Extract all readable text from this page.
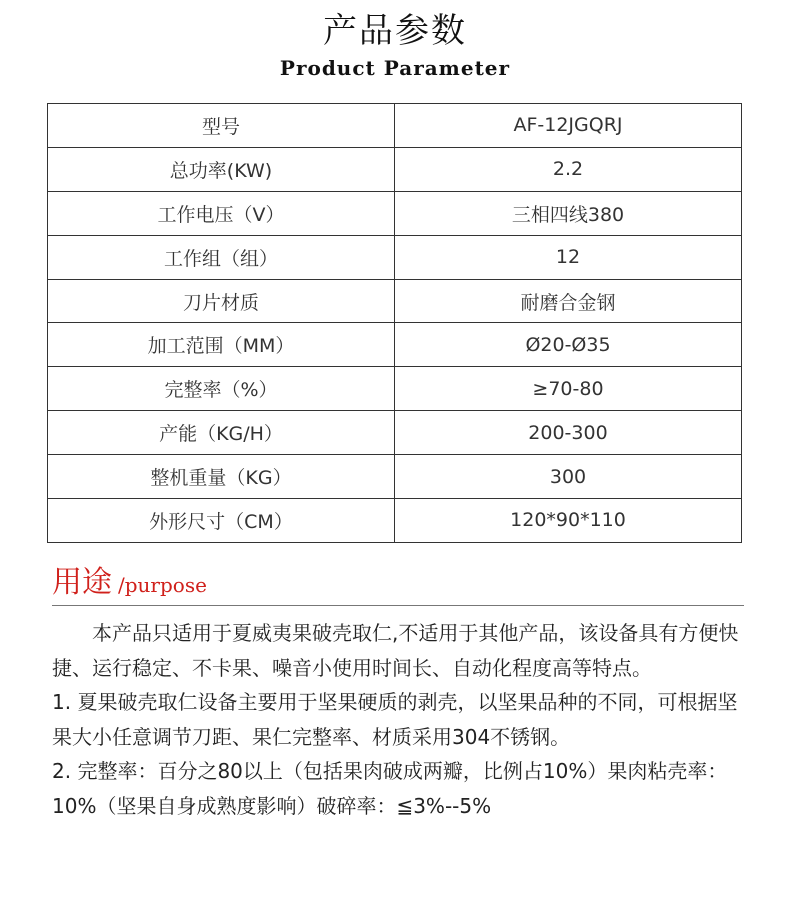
产品参数
Product Parameter
型号	AF-12JGQRJ
总功率(KW)	2.2
工作电压（V）	三相四线380
工作组（组）	12
刀片材质	耐磨合金钢
加工范围（MM）	Ø20-Ø35
完整率（%）	≥70-80
产能（KG/H）	200-300
整机重量（KG）	300
外形尺寸（CM）	120*90*110
用途 /purpose

本产品只适用于夏威夷果破壳取仁,不适用于其他产品，该设备具有方便快捷、运行稳定、不卡果、噪音小使用时间长、自动化程度高等特点。

1. 夏果破壳取仁设备主要用于坚果硬质的剥壳，以坚果品种的不同，可根据坚果大小任意调节刀距、果仁完整率、材质采用304不锈钢。

2. 完整率：百分之80以上（包括果肉破成两瓣，比例占10%）果肉粘壳率：10%（坚果自身成熟度影响）破碎率：≦3%--5%
